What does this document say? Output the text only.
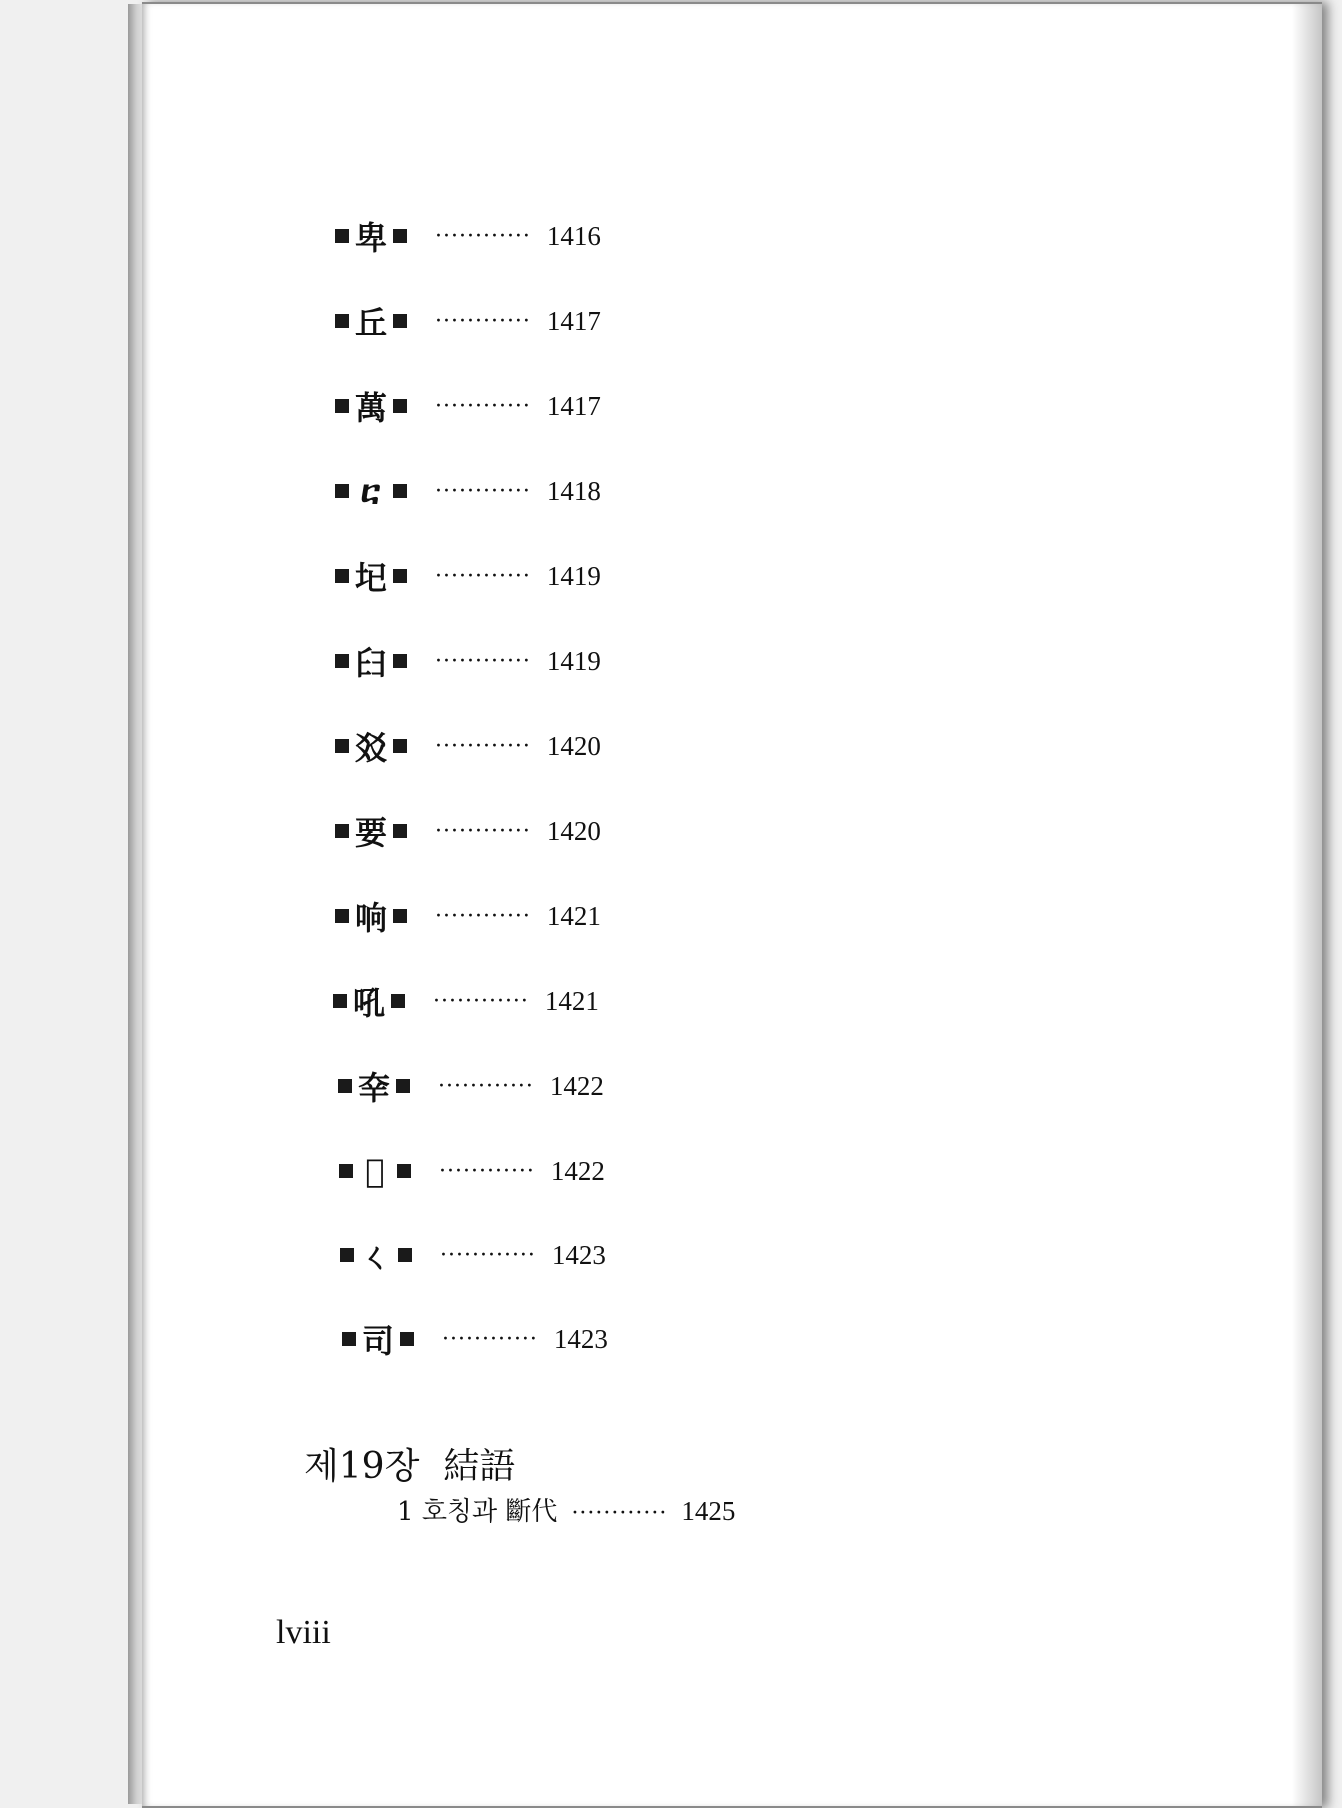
卑 ············ 1416
丘 ············ 1417
萬 ············ 1417
ⴀ	············ 1418
𡉏 ············ 1419
𦥑 ············ 1419
㸚 ············ 1420
要 ············ 1420
响 ············ 1421
吼 ············ 1421
㚔 ············ 1422
𨼀	············ 1422
ㄑ ············ 1423
司 ············ 1423
제19장 結語
1 호칭과 斷代 ············ 1425
lviii
